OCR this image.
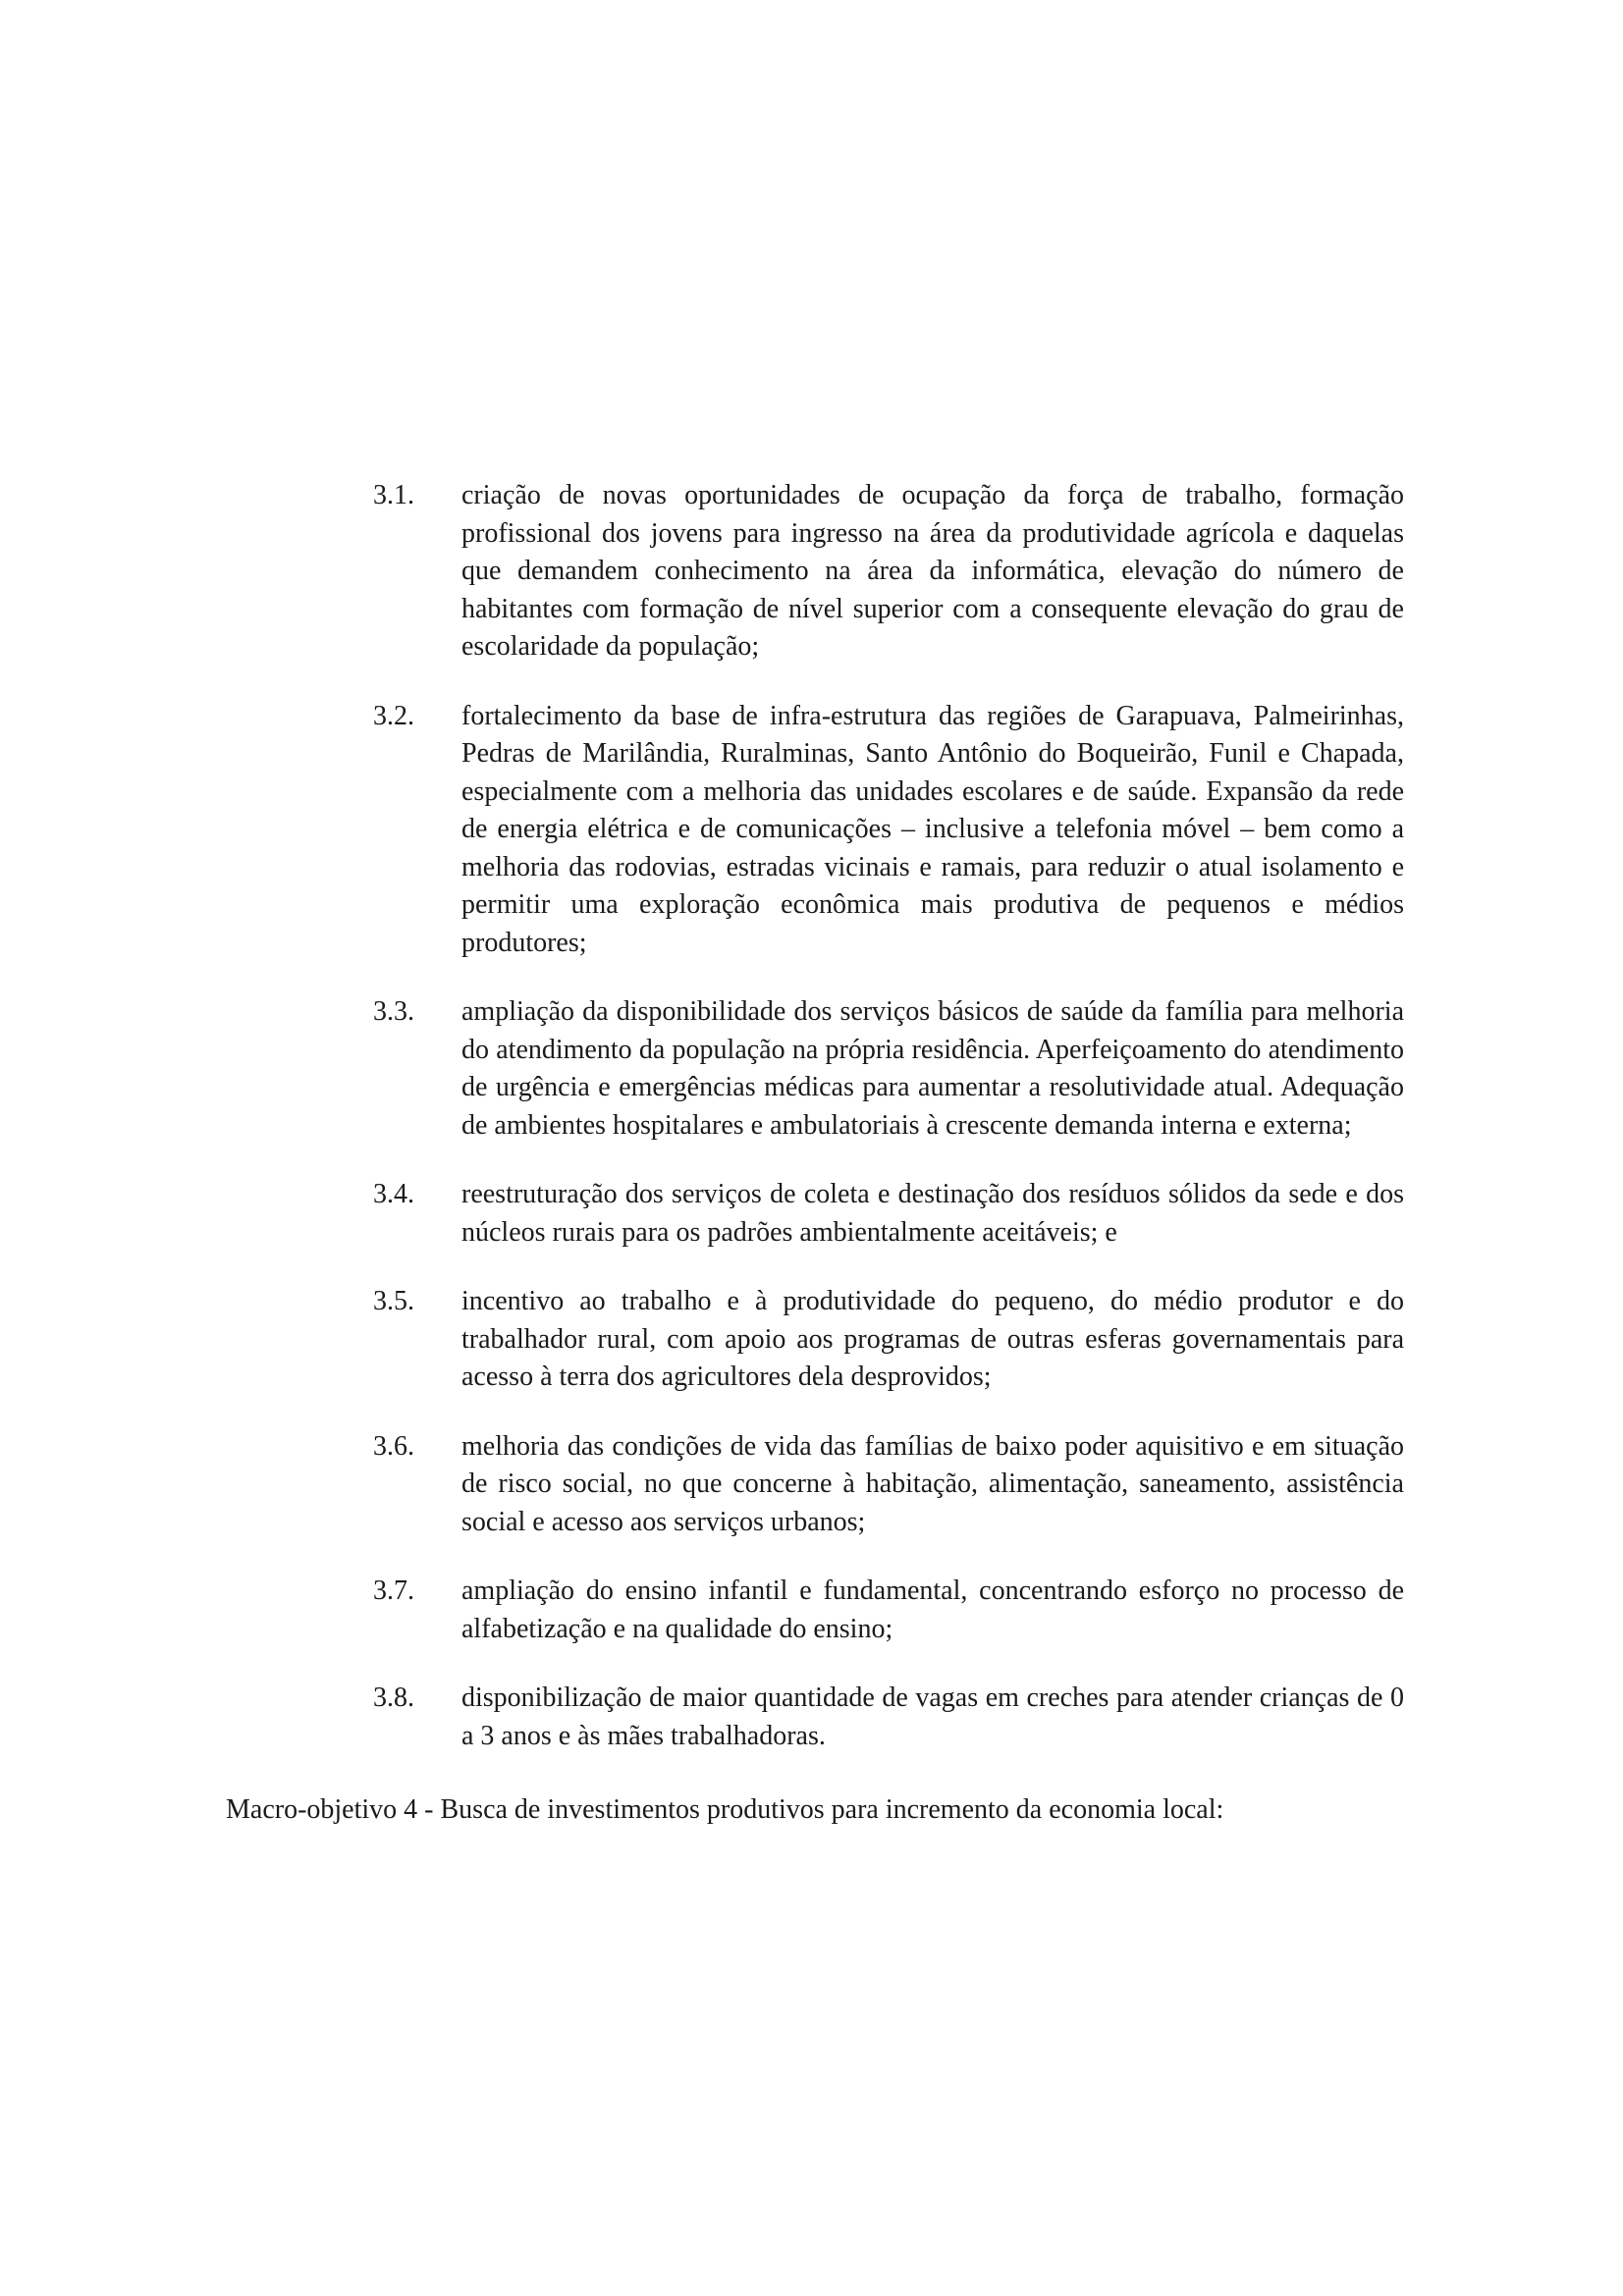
3.1.	criação de novas oportunidades de ocupação da força de trabalho, formação profissional dos jovens para ingresso na área da produtividade agrícola e daquelas que demandem conhecimento na área da informática, elevação do número de habitantes com formação de nível superior com a consequente elevação do grau de escolaridade da população;

3.2.	fortalecimento da base de infra-estrutura das regiões de Garapuava, Palmeirinhas, Pedras de Marilândia, Ruralminas, Santo Antônio do Boqueirão, Funil e Chapada, especialmente com a melhoria das unidades escolares e de saúde. Expansão da rede de energia elétrica e de comunicações – inclusive a telefonia móvel – bem como a melhoria das rodovias, estradas vicinais e ramais, para reduzir o atual isolamento e permitir uma exploração econômica mais produtiva de pequenos e médios produtores;

3.3.	ampliação da disponibilidade dos serviços básicos de saúde da família para melhoria do atendimento da população na própria residência. Aperfeiçoamento do atendimento de urgência e emergências médicas para aumentar a resolutividade atual. Adequação de ambientes hospitalares e ambulatoriais à crescente demanda interna e externa;

3.4.	reestruturação dos serviços de coleta e destinação dos resíduos sólidos da sede e dos núcleos rurais para os padrões ambientalmente aceitáveis; e

3.5.	incentivo ao trabalho e à produtividade do pequeno, do médio produtor e do trabalhador rural, com apoio aos programas de outras esferas governamentais para acesso à terra dos agricultores dela desprovidos;

3.6.	melhoria das condições de vida das famílias de baixo poder aquisitivo e em situação de risco social, no que concerne à habitação, alimentação, saneamento, assistência social e acesso aos serviços urbanos;

3.7.	ampliação do ensino infantil e fundamental, concentrando esforço no processo de alfabetização e na qualidade do ensino;

3.8.	disponibilização de maior quantidade de vagas em creches para atender crianças de 0 a 3 anos e às mães trabalhadoras.

Macro-objetivo 4 - Busca de investimentos produtivos para incremento da economia local:
